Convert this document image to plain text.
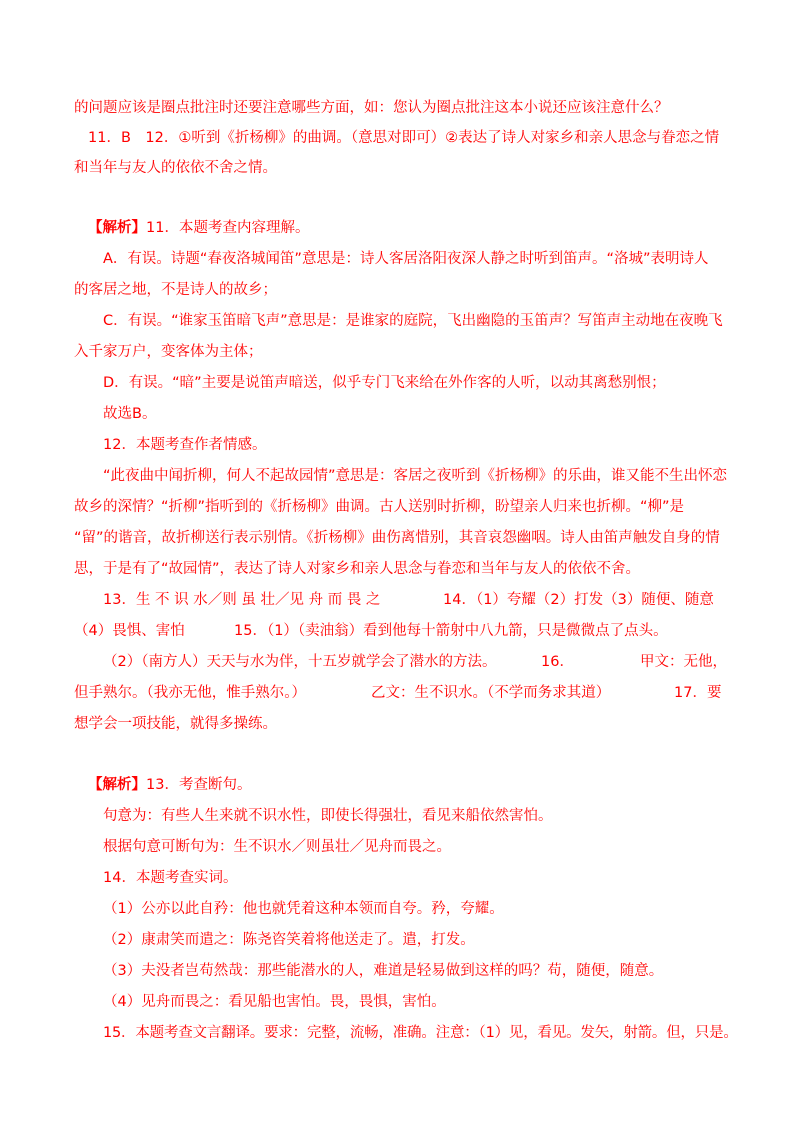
的问题应该是圈点批注时还要注意哪些方面，如：您认为圈点批注这本小说还应该注意什么？
11．B　12．①听到《折杨柳》的曲调。（意思对即可）②表达了诗人对家乡和亲人思念与眷恋之情
和当年与友人的依依不舍之情。
【解析】11．本题考查内容理解。
A．有误。诗题“春夜洛城闻笛”意思是：诗人客居洛阳夜深人静之时听到笛声。“洛城”表明诗人
的客居之地，不是诗人的故乡；
C．有误。“谁家玉笛暗飞声”意思是：是谁家的庭院，飞出幽隐的玉笛声？写笛声主动地在夜晚飞
入千家万户，变客体为主体；
D．有误。“暗”主要是说笛声暗送，似乎专门飞来给在外作客的人听，以动其离愁别恨；
故选B。
12．本题考查作者情感。
“此夜曲中闻折柳，何人不起故园情”意思是：客居之夜听到《折杨柳》的乐曲，谁又能不生出怀恋
故乡的深情？“折柳”指听到的《折杨柳》曲调。古人送别时折柳，盼望亲人归来也折柳。“柳”是
“留”的谐音，故折柳送行表示别情。《折杨柳》曲伤离惜别，其音哀怨幽咽。诗人由笛声触发自身的情
思，于是有了“故园情”，表达了诗人对家乡和亲人思念与眷恋和当年与友人的依依不舍。
13．生 不 识 水／则 虽 壮／见 舟 而 畏 之	14．（1）夸耀（2）打发（3）随便、随意
（4）畏惧、害怕	15．（1）（卖油翁）看到他每十箭射中八九箭，只是微微点了点头。
（2）（南方人）天天与水为伴，十五岁就学会了潜水的方法。	16．	甲文：无他，
但手熟尔。（我亦无他，惟手熟尔。）	乙文：生不识水。（不学而务求其道）	17．要
想学会一项技能，就得多操练。
【解析】13．考查断句。
句意为：有些人生来就不识水性，即使长得强壮，看见来船依然害怕。
根据句意可断句为：生不识水／则虽壮／见舟而畏之。
14．本题考查实词。
（1）公亦以此自矜：他也就凭着这种本领而自夸。矜，夸耀。
（2）康肃笑而遣之：陈尧咨笑着将他送走了。遣，打发。
（3）夫没者岂苟然哉：那些能潜水的人，难道是轻易做到这样的吗？苟，随便，随意。
（4）见舟而畏之：看见船也害怕。畏，畏惧，害怕。
15．本题考查文言翻译。要求：完整，流畅，准确。注意：（1）见，看见。发矢，射箭。但，只是。
